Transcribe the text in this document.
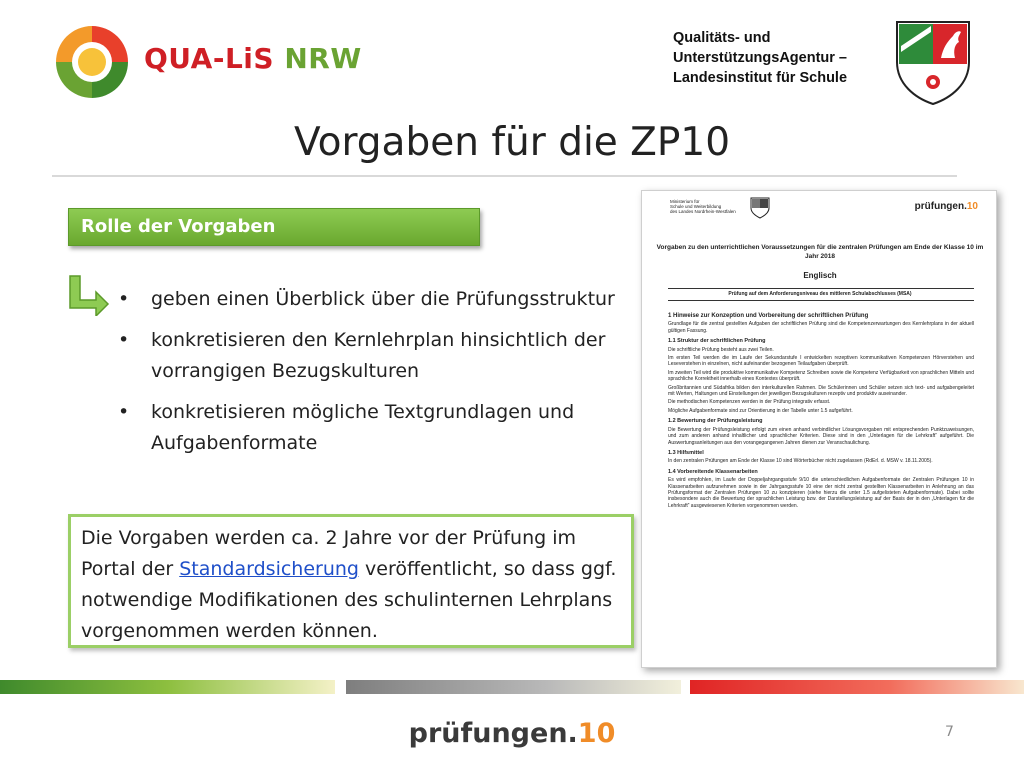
QUA-LiS NRW
Qualitäts- und
UnterstützungsAgentur –
Landesinstitut für Schule
Vorgaben für die ZP10
Rolle der Vorgaben
• geben einen Überblick über die Prüfungsstruktur
• konkretisieren den Kernlehrplan hinsichtlich der vorrangigen Bezugskulturen
• konkretisieren mögliche Textgrundlagen und Aufgabenformate
Die Vorgaben werden ca. 2 Jahre vor der Prüfung im Portal der Standardsicherung veröffentlicht, so dass ggf. notwendige Modifikationen des schulinternen Lehrplans vorgenommen werden können.
Ministerium für
Schule und Weiterbildung
des Landes Nordrhein-Westfalen	prüfungen.10
Vorgaben zu den unterrichtlichen Voraussetzungen für die zentralen Prüfungen am Ende der Klasse 10 im Jahr 2018
Englisch
Prüfung auf dem Anforderungsniveau des mittleren Schulabschlusses (MSA)
1 Hinweise zur Konzeption und Vorbereitung der schriftlichen Prüfung

Grundlage für die zentral gestellten Aufgaben der schriftlichen Prüfung sind die Kompetenzerwartungen des Kernlehrplans in der aktuell gültigen Fassung.

1.1 Struktur der schriftlichen Prüfung

Die schriftliche Prüfung besteht aus zwei Teilen.

Im ersten Teil werden die im Laufe der Sekundarstufe I entwickelten rezeptiven kommunikativen Kompetenzen Hörverstehen und Leseverstehen in einzelnen, nicht aufeinander bezogenen Teilaufgaben überprüft.

Im zweiten Teil wird die produktive kommunikative Kompetenz Schreiben sowie die Kompetenz Verfügbarkeit von sprachlichen Mitteln und sprachliche Korrektheit innerhalb eines Kontextes überprüft.

Großbritannien und Südafrika bilden den interkulturellen Rahmen. Die Schülerinnen und Schüler setzen sich text- und aufgabengeleitet mit Werten, Haltungen und Einstellungen der jeweiligen Bezugskulturen rezeptiv und produktiv auseinander.

Die methodischen Kompetenzen werden in der Prüfung integrativ erfasst.

Mögliche Aufgabenformate sind zur Orientierung in der Tabelle unter 1.5 aufgeführt.

1.2 Bewertung der Prüfungsleistung

Die Bewertung der Prüfungsleistung erfolgt zum einen anhand verbindlicher Lösungsvorgaben mit entsprechenden Punktzuweisungen, und zum anderen anhand inhaltlicher und sprachlicher Kriterien. Diese sind in den „Unterlagen für die Lehrkraft“ aufgeführt. Die Auswertungsanleitungen aus den vorangegangenen Jahren dienen zur Veranschaulichung.

1.3 Hilfsmittel

In den zentralen Prüfungen am Ende der Klasse 10 sind Wörterbücher nicht zugelassen (RdErl. d. MSW v. 18.11.2005).

1.4 Vorbereitende Klassenarbeiten

Es wird empfohlen, im Laufe der Doppeljahrgangsstufe 9/10 die unterschiedlichen Aufgabenformate der Zentralen Prüfungen 10 in Klassenarbeiten aufzunehmen sowie in der Jahrgangsstufe 10 eine der nicht zentral gestellten Klassenarbeiten in Anlehnung an das Prüfungsformat der Zentralen Prüfungen 10 zu konzipieren (siehe hierzu die unter 1.5 aufgelisteten Aufgabenformate). Dabei sollte insbesondere auch die Bewertung der sprachlichen Leistung bzw. der Darstellungsleistung auf der Basis der in den „Unterlagen für die Lehrkraft“ ausgewiesenen Kriterien vorgenommen werden.

prüfungen.10	7
